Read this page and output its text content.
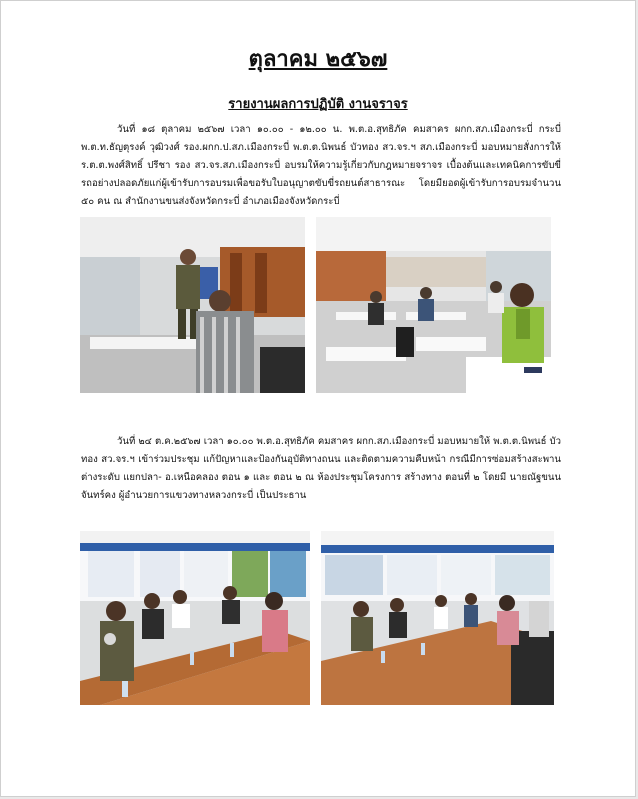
ตุลาคม ๒๕๖๗
รายงานผลการปฏิบัติ งานจราจร

วันที่ ๑๘ ตุลาคม ๒๕๖๗ เวลา ๑๐.๐๐ - ๑๒.๐๐ น. พ.ต.อ.สุทธิภัค คมสาคร ผกก.สภ.เมืองกระบี่ กระบี่ พ.ต.ท.ธัญตุรงค์ วุฒิวงศ์ รอง.ผกก.ป.สภ.เมืองกระบี่ พ.ต.ต.นิพนธ์ บัวทอง สว.จร.ฯ สภ.เมืองกระบี่ มอบหมายสั่งการให้ ร.ต.ต.พงศ์สิทธิ์ ปรีชา รอง สว.จร.สภ.เมืองกระบี่ อบรมให้ความรู้เกี่ยวกับกฎหมายจราจร เบื้องต้นและเทคนิคการขับขี่รถอย่างปลอดภัยแก่ผู้เข้ารับการอบรมเพื่อขอรับใบอนุญาตขับขี่รถยนต์สาธารณะ โดยมียอดผู้เข้ารับการอบรมจำนวน ๕๐ คน ณ สำนักงานขนส่งจังหวัดกระบี่ อำเภอเมืองจังหวัดกระบี่

วันที่ ๒๔ ต.ค.๒๕๖๗ เวลา ๑๐.๐๐ พ.ต.อ.สุทธิภัค คมสาคร ผกก.สภ.เมืองกระบี่ มอบหมายให้ พ.ต.ต.นิพนธ์ บัวทอง สว.จร.ฯ เข้าร่วมประชุม แก้ปัญหาและป้องกันอุบัติทางถนน และติดตามความคืบหน้า กรณีมีการซ่อมสร้างสะพานต่างระดับ แยกปลา- อ.เหนือคลอง ตอน ๑ และ ตอน ๒ ณ ห้องประชุมโครงการ สร้างทาง ตอนที่ ๒ โดยมี นายณัฐขนน จันทร์คง ผู้อำนวยการแขวงทางหลวงกระบี่ เป็นประธาน
